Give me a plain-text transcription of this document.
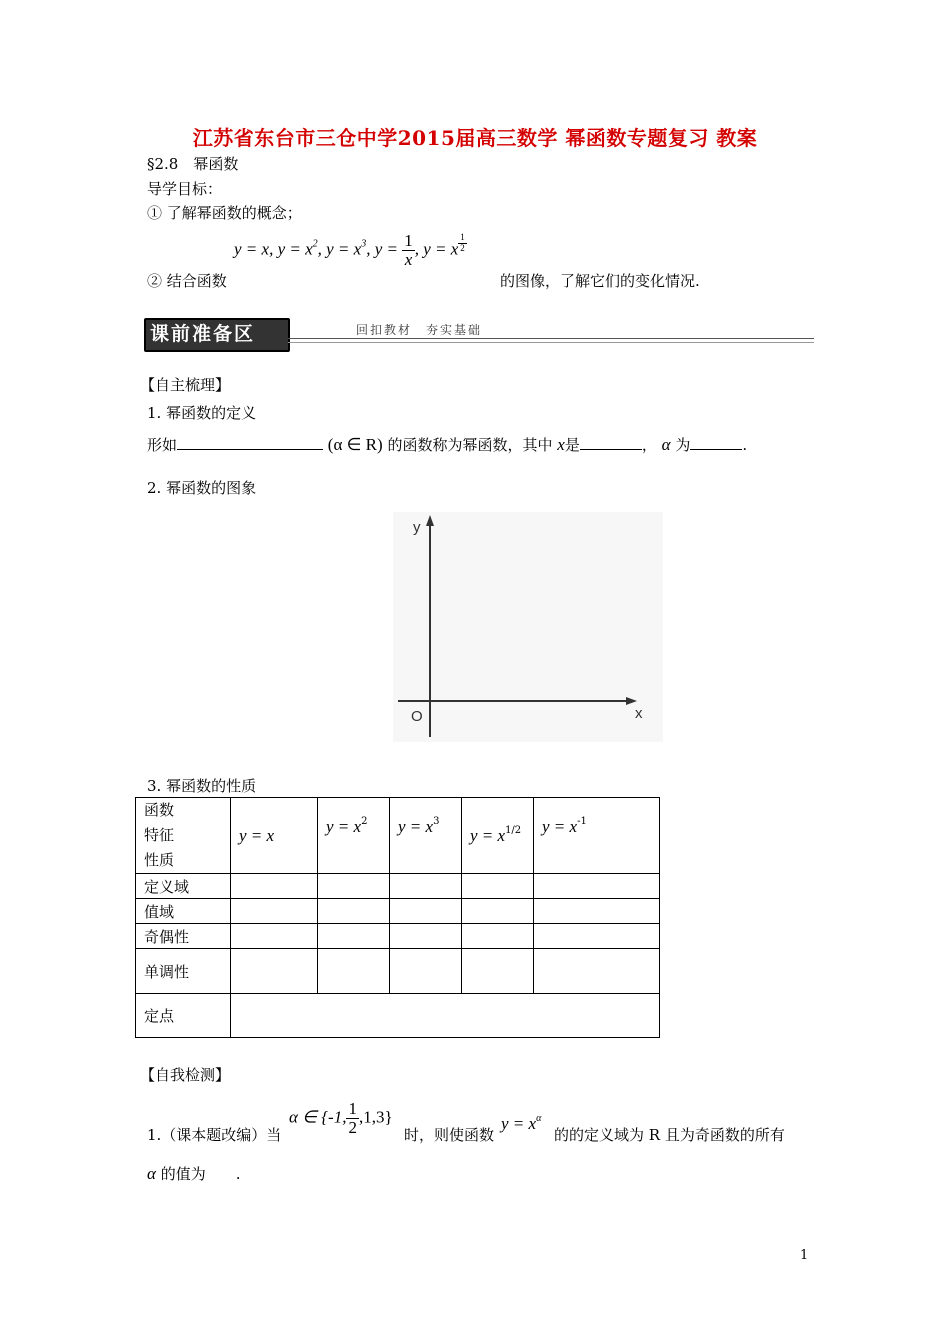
江苏省东台市三仓中学2015届高三数学 幂函数专题复习 教案
§2.8　幂函数
导学目标：
① 了解幂函数的概念；
y = x, $y = x^2$, $y = x^3$, $y = \frac{1}{x}$ , y = x $\frac{1}{2}$
② 结合函数	的图像，了解它们的变化情况.
课前准备区	回扣教材　夯实基础
【自主梳理】
1. 幂函数的定义
形如	(α ∈ R) 的函数称为幂函数，其中 x是	， α 为	.
2. 幂函数的图象
y
x
O
3. 幂函数的性质
函数
特征
性质	y = x	$y = x^2$	$y = x^3$	$y = x^{1/2}$	$y = x^{-1}$
定义域					
值域					
奇偶性					
单调性					
定点					
【自我检测】
1.（课本题改编）当
α ∈ {-1, $\frac{1}{2} ,1,3$}
时，则使函数
$y = x^\alpha$
的的定义域为 R 且为奇函数的所有
α 的值为 .
1
